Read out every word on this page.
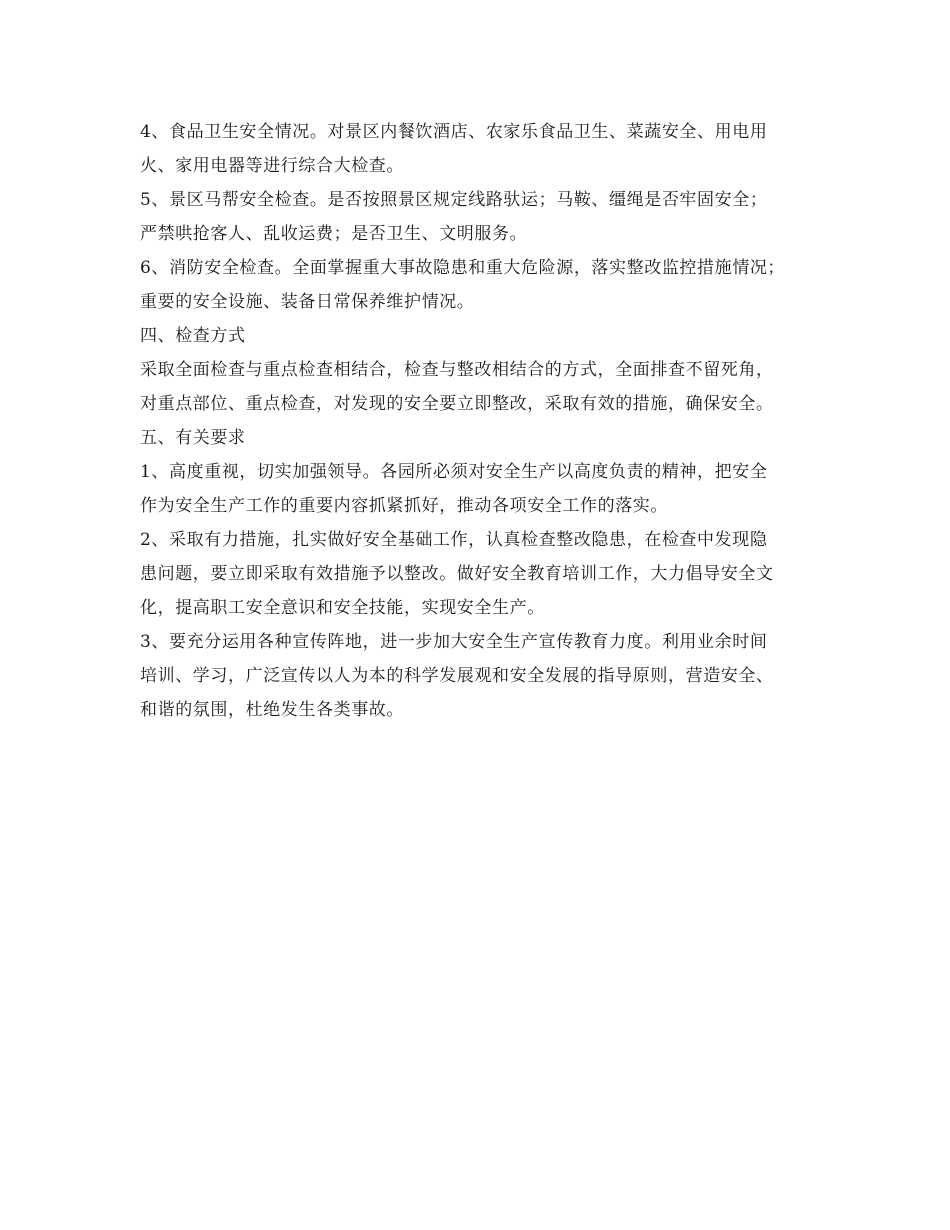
4、食品卫生安全情况。对景区内餐饮酒店、农家乐食品卫生、菜蔬安全、用电用
火、家用电器等进行综合大检查。
5、景区马帮安全检查。是否按照景区规定线路驮运；马鞍、缰绳是否牢固安全；
严禁哄抢客人、乱收运费；是否卫生、文明服务。
6、消防安全检查。全面掌握重大事故隐患和重大危险源，落实整改监控措施情况；
重要的安全设施、装备日常保养维护情况。
四、检查方式
采取全面检查与重点检查相结合，检查与整改相结合的方式，全面排查不留死角，
对重点部位、重点检查，对发现的安全要立即整改，采取有效的措施，确保安全。
五、有关要求
1、高度重视，切实加强领导。各园所必须对安全生产以高度负责的精神，把安全
作为安全生产工作的重要内容抓紧抓好，推动各项安全工作的落实。
2、采取有力措施，扎实做好安全基础工作，认真检查整改隐患，在检查中发现隐
患问题，要立即采取有效措施予以整改。做好安全教育培训工作，大力倡导安全文
化，提高职工安全意识和安全技能，实现安全生产。
3、要充分运用各种宣传阵地，进一步加大安全生产宣传教育力度。利用业余时间
培训、学习，广泛宣传以人为本的科学发展观和安全发展的指导原则，营造安全、
和谐的氛围，杜绝发生各类事故。
